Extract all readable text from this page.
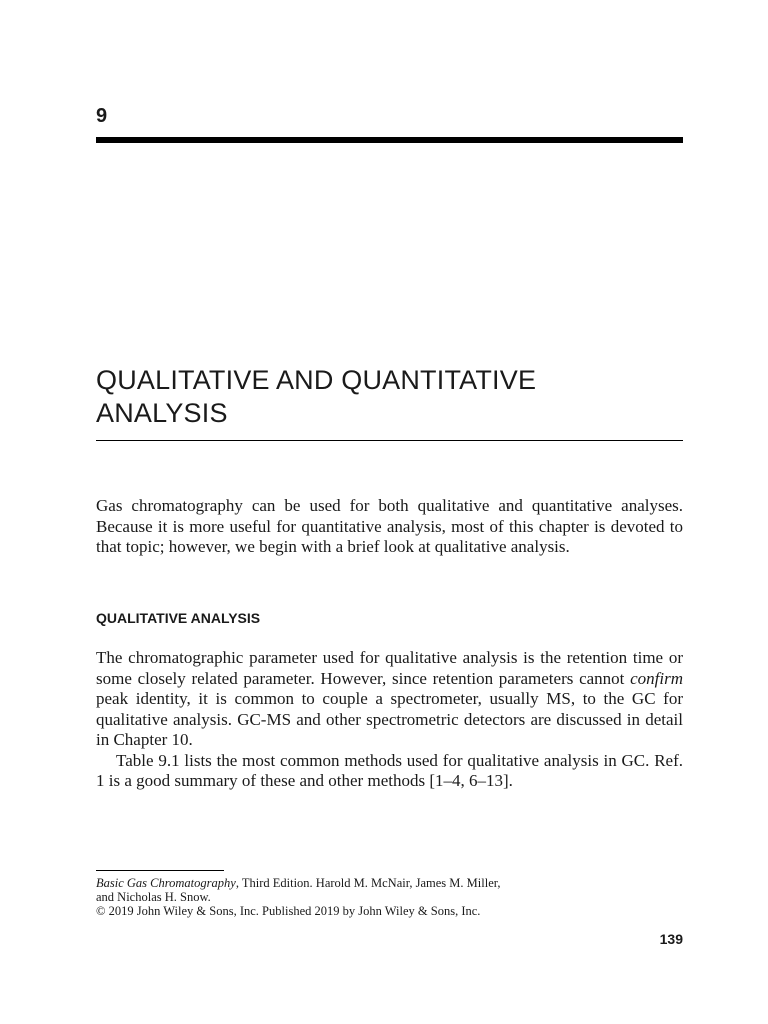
9
QUALITATIVE AND QUANTITATIVE
ANALYSIS

Gas chromatography can be used for both qualitative and quantitative analyses. Because it is more useful for quantitative analysis, most of this chapter is devoted to that topic; however, we begin with a brief look at qualitative analysis.

QUALITATIVE ANALYSIS

The chromatographic parameter used for qualitative analysis is the retention time or some closely related parameter. However, since retention parameters cannot confirm peak identity, it is common to couple a spectrometer, usually MS, to the GC for qualitative analysis. GC-MS and other spectrometric detectors are discussed in detail in Chapter 10.

Table 9.1 lists the most common methods used for qualitative analysis in GC. Ref. 1 is a good summary of these and other methods [1–4, 6–13].

Basic Gas Chromatography, Third Edition. Harold M. McNair, James M. Miller,
and Nicholas H. Snow.
© 2019 John Wiley & Sons, Inc. Published 2019 by John Wiley & Sons, Inc.
139
